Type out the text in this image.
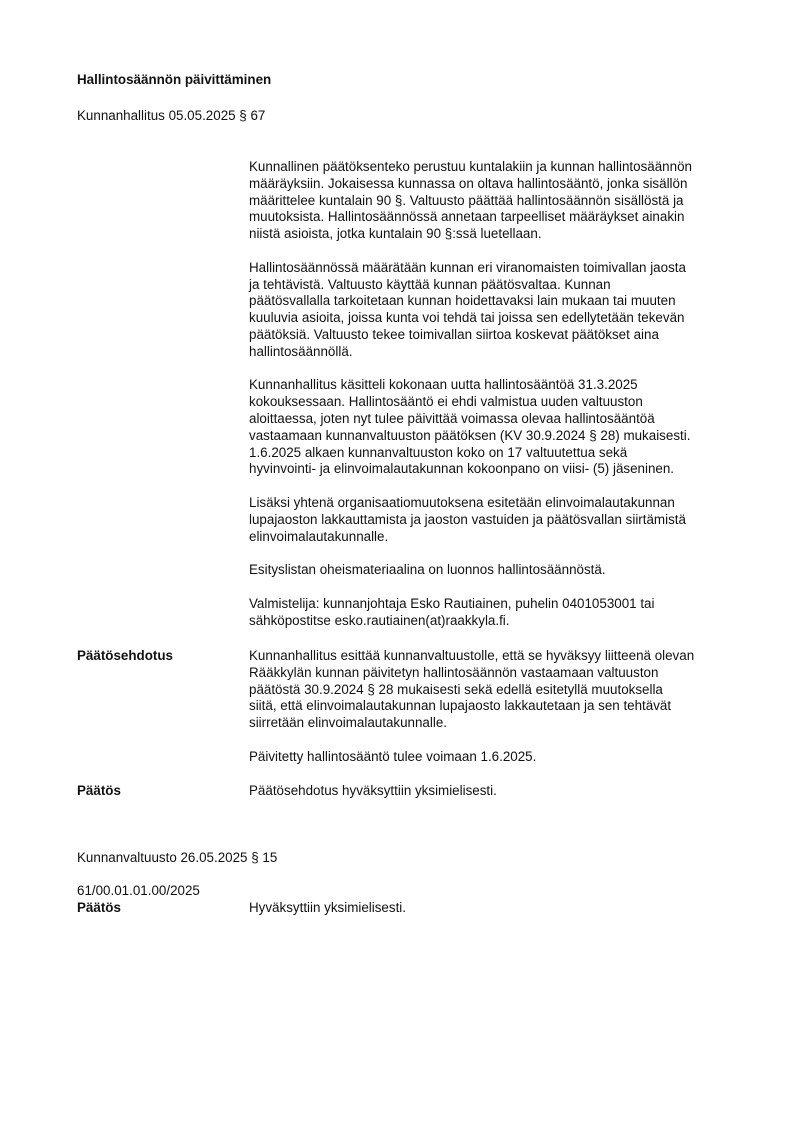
Hallintosäännön päivittäminen
Kunnanhallitus 05.05.2025 § 67

Kunnallinen päätöksenteko perustuu kuntalakiin ja kunnan hallintosäännön
määräyksiin. Jokaisessa kunnassa on oltava hallintosääntö, jonka sisällön
määrittelee kuntalain 90 §. Valtuusto päättää hallintosäännön sisällöstä ja
muutoksista. Hallintosäännössä annetaan tarpeelliset määräykset ainakin
niistä asioista, jotka kuntalain 90 §:ssä luetellaan.

Hallintosäännössä määrätään kunnan eri viranomaisten toimivallan jaosta
ja tehtävistä. Valtuusto käyttää kunnan päätösvaltaa. Kunnan
päätösvallalla tarkoitetaan kunnan hoidettavaksi lain mukaan tai muuten
kuuluvia asioita, joissa kunta voi tehdä tai joissa sen edellytetään tekevän
päätöksiä. Valtuusto tekee toimivallan siirtoa koskevat päätökset aina
hallintosäännöllä.

Kunnanhallitus käsitteli kokonaan uutta hallintosääntöä 31.3.2025
kokouksessaan. Hallintosääntö ei ehdi valmistua uuden valtuuston
aloittaessa, joten nyt tulee päivittää voimassa olevaa hallintosääntöä
vastaamaan kunnanvaltuuston päätöksen (KV 30.9.2024 § 28) mukaisesti.
1.6.2025 alkaen kunnanvaltuuston koko on 17 valtuutettua sekä
hyvinvointi- ja elinvoimalautakunnan kokoonpano on viisi- (5) jäseninen.

Lisäksi yhtenä organisaatiomuutoksena esitetään elinvoimalautakunnan
lupajaoston lakkauttamista ja jaoston vastuiden ja päätösvallan siirtämistä
elinvoimalautakunnalle.

Esityslistan oheismateriaalina on luonnos hallintosäännöstä.

Valmistelija: kunnanjohtaja Esko Rautiainen, puhelin 0401053001 tai
sähköpostitse esko.rautiainen(at)raakkyla.fi.

Päätösehdotus	Kunnanhallitus esittää kunnanvaltuustolle, että se hyväksyy liitteenä olevan
Rääkkylän kunnan päivitetyn hallintosäännön vastaamaan valtuuston
päätöstä 30.9.2024 § 28 mukaisesti sekä edellä esitetyllä muutoksella
siitä, että elinvoimalautakunnan lupajaosto lakkautetaan ja sen tehtävät
siirretään elinvoimalautakunnalle.

Päivitetty hallintosääntö tulee voimaan 1.6.2025.

Päätös	Päätösehdotus hyväksyttiin yksimielisesti.

Kunnanvaltuusto 26.05.2025 § 15

61/00.01.01.00/2025

Päätös	Hyväksyttiin yksimielisesti.
